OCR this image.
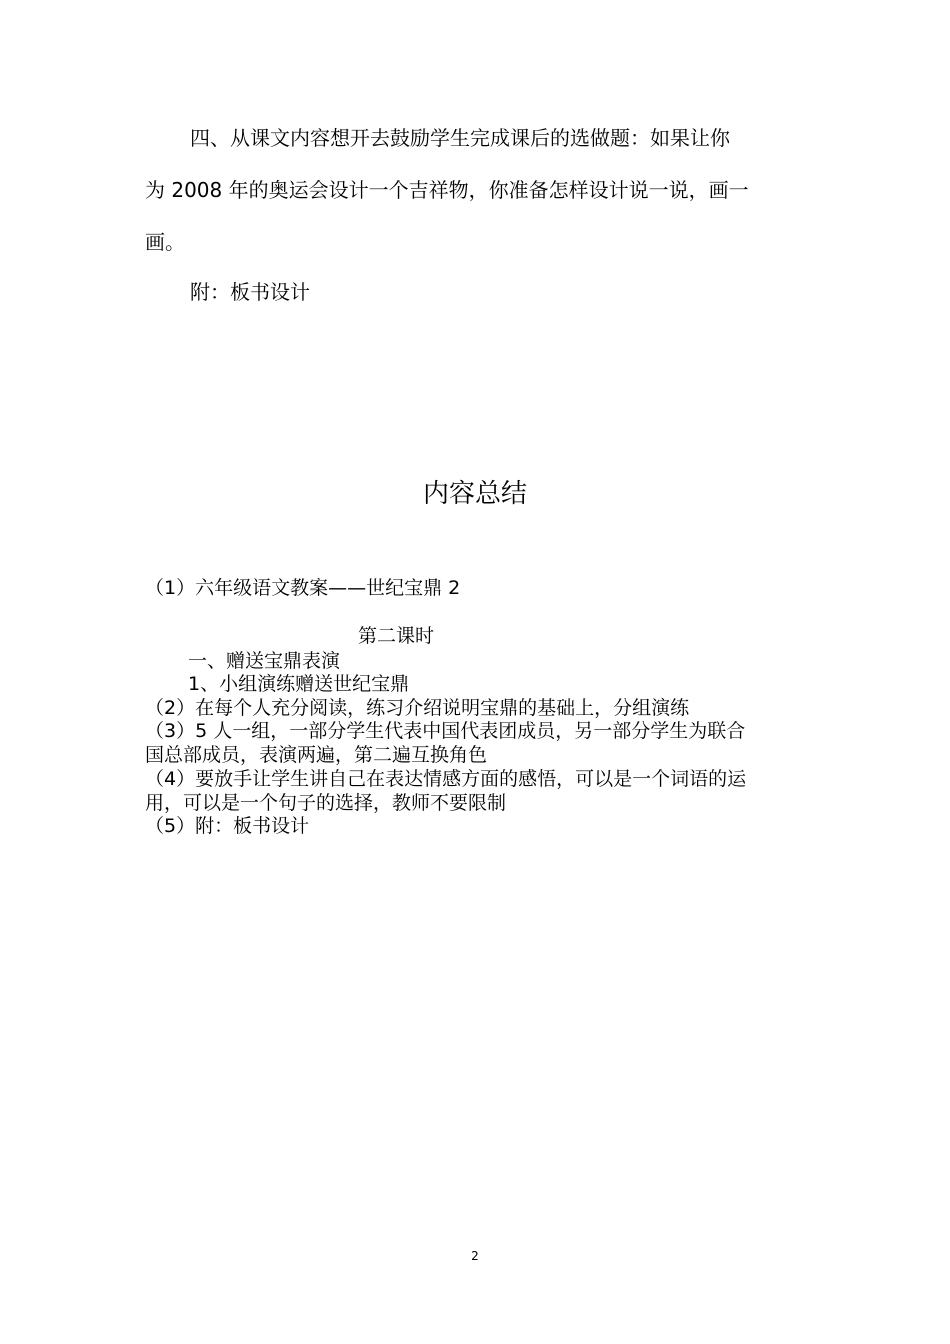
四、从课文内容想开去鼓励学生完成课后的选做题：如果让你
为 2008 年的奥运会设计一个吉祥物，你准备怎样设计说一说，画一
画。
附：板书设计
内容总结
（1）六年级语文教案——世纪宝鼎 2
第二课时
一、赠送宝鼎表演
1、小组演练赠送世纪宝鼎
（2）在每个人充分阅读，练习介绍说明宝鼎的基础上，分组演练
（3）5 人一组，一部分学生代表中国代表团成员，另一部分学生为联合
国总部成员，表演两遍，第二遍互换角色
（4）要放手让学生讲自己在表达情感方面的感悟，可以是一个词语的运
用，可以是一个句子的选择，教师不要限制
（5）附：板书设计
2
